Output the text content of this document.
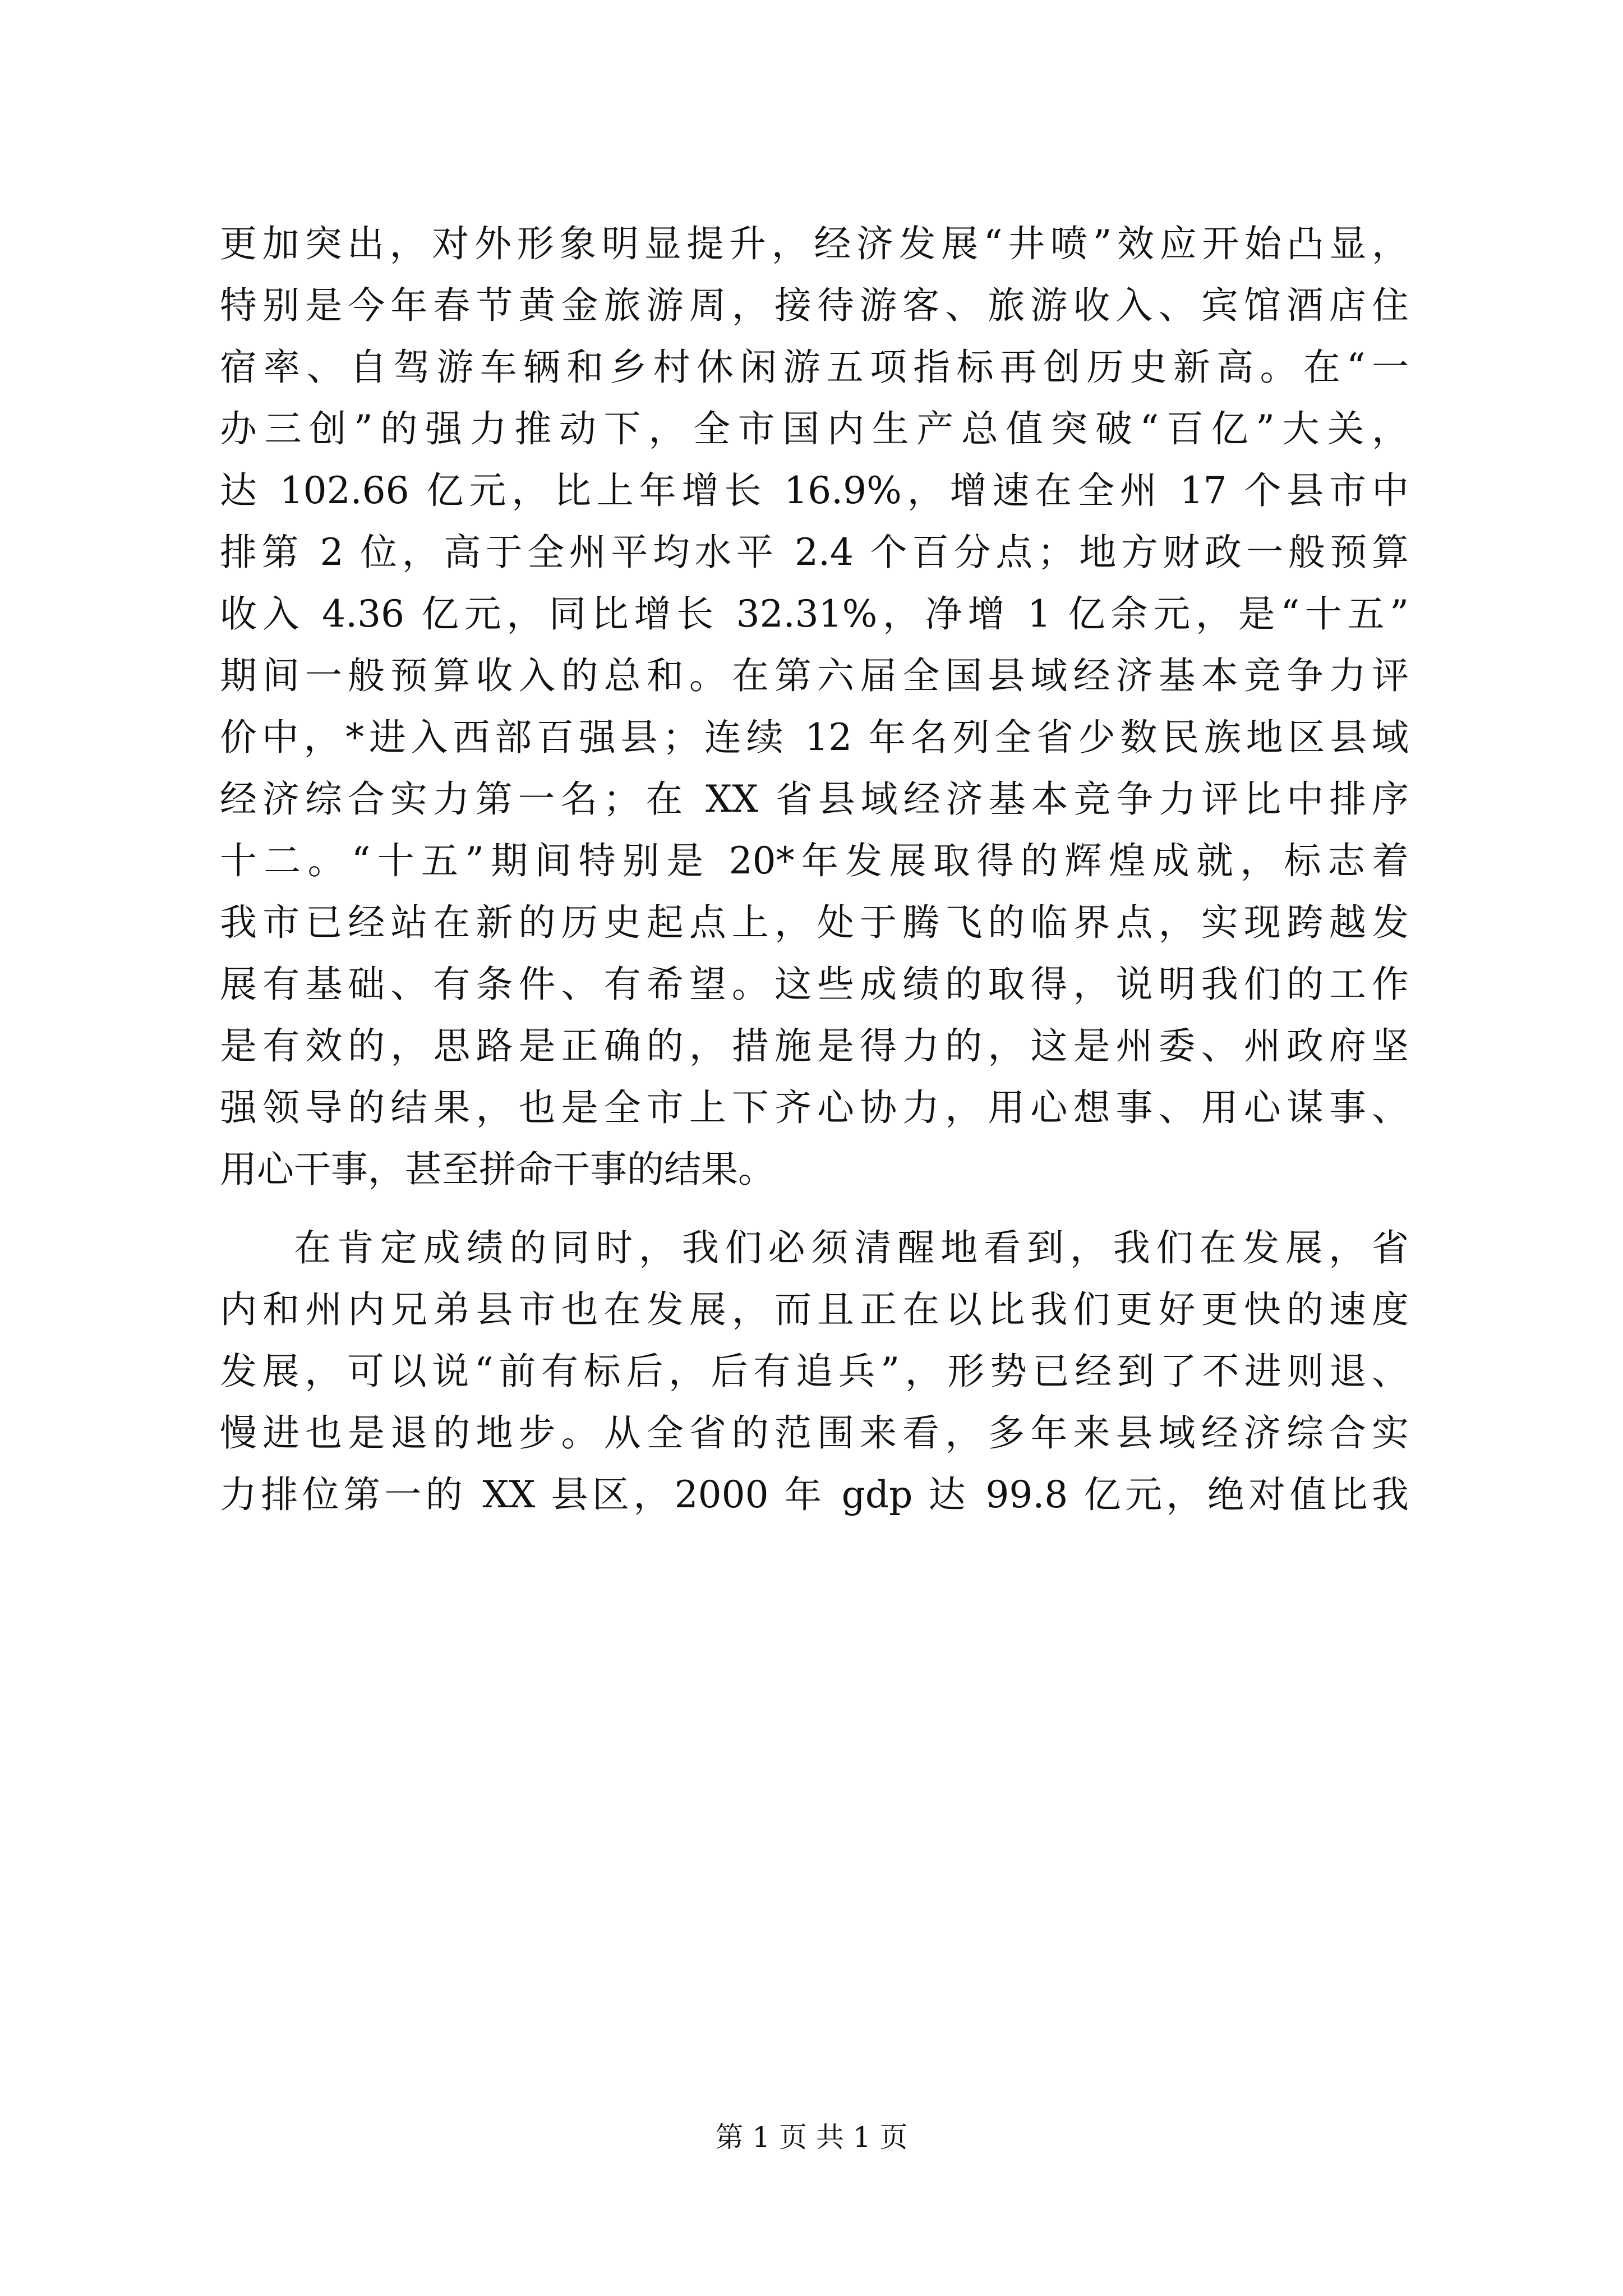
更加突出，对外形象明显提升，经济发展“井喷”效应开始凸显，
特别是今年春节黄金旅游周，接待游客、旅游收入、宾馆酒店住
宿率、自驾游车辆和乡村休闲游五项指标再创历史新高。在“一
办三创”的强力推动下，全市国内生产总值突破“百亿”大关，
达 102.66 亿元，比上年增长 16.9%，增速在全州 17 个县市中
排第 2 位，高于全州平均水平 2.4 个百分点；地方财政一般预算
收入 4.36 亿元，同比增长 32.31%，净增 1 亿余元，是“十五”
期间一般预算收入的总和。在第六届全国县域经济基本竞争力评
价中，*进入西部百强县；连续 12 年名列全省少数民族地区县域
经济综合实力第一名；在 XX 省县域经济基本竞争力评比中排序
十二。“十五”期间特别是 20*年发展取得的辉煌成就，标志着
我市已经站在新的历史起点上，处于腾飞的临界点，实现跨越发
展有基础、有条件、有希望。这些成绩的取得，说明我们的工作
是有效的，思路是正确的，措施是得力的，这是州委、州政府坚
强领导的结果，也是全市上下齐心协力，用心想事、用心谋事、
用心干事，甚至拼命干事的结果。
在肯定成绩的同时，我们必须清醒地看到，我们在发展，省
内和州内兄弟县市也在发展，而且正在以比我们更好更快的速度
发展，可以说“前有标后，后有追兵”，形势已经到了不进则退、
慢进也是退的地步。从全省的范围来看，多年来县域经济综合实
力排位第一的 XX 县区，2000 年 gdp 达 99.8 亿元，绝对值比我
第 1 页 共 1 页
